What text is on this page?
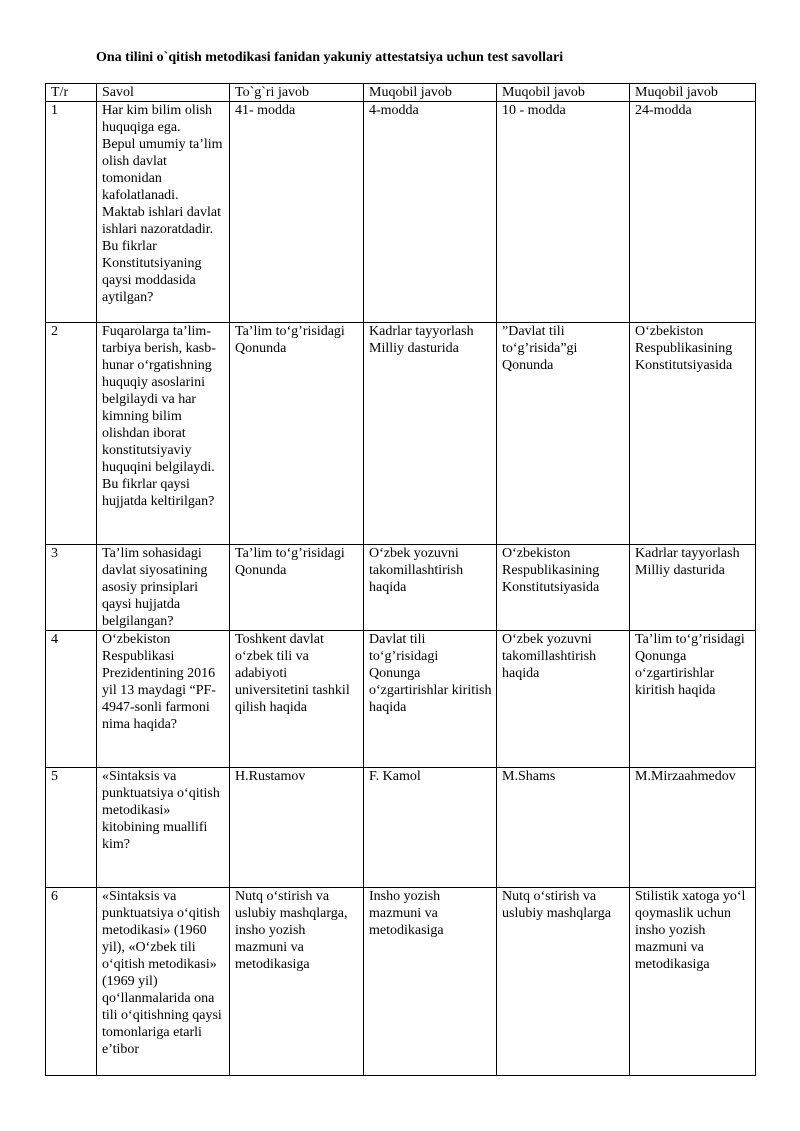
Ona tilini o`qitish metodikasi fanidan yakuniy attestatsiya uchun test savollari
T/r	Savol	To`g`ri javob	Muqobil javob	Muqobil javob	Muqobil javob
1	Har kim bilim olish huquqiga ega.
Bepul umumiy ta’lim olish davlat tomonidan kafolatlanadi.
Maktab ishlari davlat ishlari nazoratdadir.
Bu fikrlar Konstitutsiyaning qaysi moddasida aytilgan?	41- modda	4-modda	10 - modda	24-modda
2	Fuqarolarga ta’lim-tarbiya berish, kasb-hunar o‘rgatishning huquqiy asoslarini belgilaydi va har kimning bilim olishdan iborat konstitutsiyaviy huquqini belgilaydi. Bu fikrlar qaysi hujjatda keltirilgan?	Ta’lim to‘g’risidagi Qonunda	Kadrlar tayyorlash Milliy dasturida	”Davlat tili to‘g’risida”gi Qonunda	O‘zbekiston Respublikasining Konstitutsiyasida
3	Ta’lim sohasidagi davlat siyosatining asosiy prinsiplari qaysi hujjatda belgilangan?	Ta’lim to‘g’risidagi Qonunda	O‘zbek yozuvni takomillashtirish haqida	O‘zbekiston Respublikasining Konstitutsiyasida	Kadrlar tayyorlash Milliy dasturida
4	O‘zbekiston Respublikasi Prezidentining 2016 yil 13 maydagi “PF-4947-sonli farmoni nima haqida?	Toshkent davlat o‘zbek tili va adabiyoti universitetini tashkil qilish haqida	Davlat tili to‘g’risidagi Qonunga o‘zgartirishlar kiritish haqida	O‘zbek yozuvni takomillashtirish haqida	Ta’lim to‘g’risidagi Qonunga o‘zgartirishlar kiritish haqida
5	«Sintaksis va punktuatsiya o‘qitish metodikasi» kitobining muallifi kim?	H.Rustamov	F. Kamol	M.Shams	M.Mirzaahmedov
6	«Sintaksis va punktuatsiya o‘qitish metodikasi» (1960 yil), «O‘zbek tili o‘qitish metodikasi» (1969 yil) qo‘llanmalarida ona tili o‘qitishning qaysi tomonlariga etarli e’tibor	Nutq o‘stirish va uslubiy mashqlarga, insho yozish mazmuni va metodikasiga	Insho yozish mazmuni va metodikasiga	Nutq o‘stirish va uslubiy mashqlarga	Stilistik xatoga yo‘l qoymaslik uchun insho yozish mazmuni va metodikasiga
